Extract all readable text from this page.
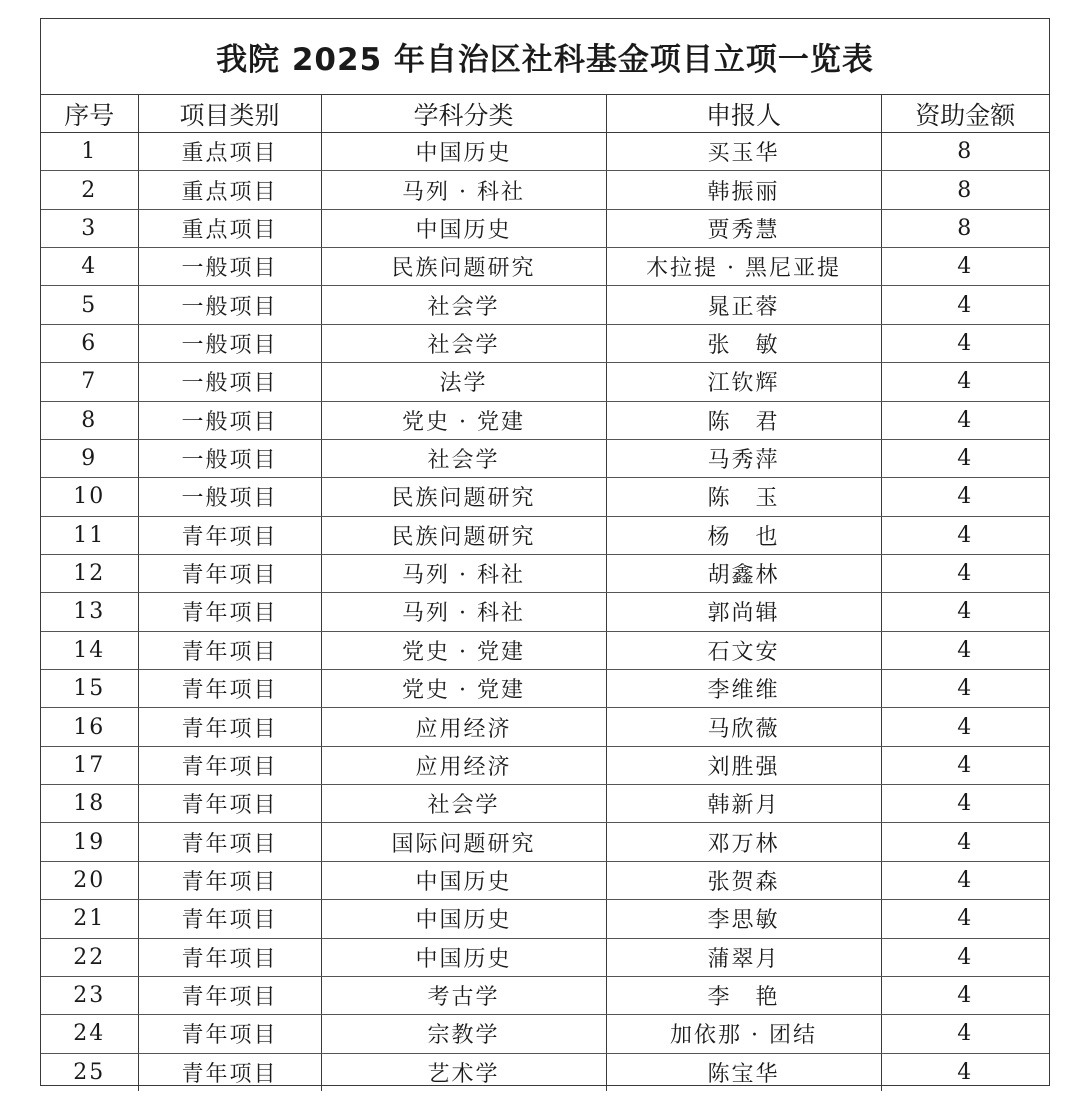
我院 2025 年自治区社科基金项目立项一览表
序号	项目类别	学科分类	申报人	资助金额
1	重点项目	中国历史	买玉华	8
2	重点项目	马列 · 科社	韩振丽	8
3	重点项目	中国历史	贾秀慧	8
4	一般项目	民族问题研究	木拉提 · 黑尼亚提	4
5	一般项目	社会学	晁正蓉	4
6	一般项目	社会学	张　敏	4
7	一般项目	法学	江钦辉	4
8	一般项目	党史 · 党建	陈　君	4
9	一般项目	社会学	马秀萍	4
10	一般项目	民族问题研究	陈　玉	4
11	青年项目	民族问题研究	杨　也	4
12	青年项目	马列 · 科社	胡鑫林	4
13	青年项目	马列 · 科社	郭尚辑	4
14	青年项目	党史 · 党建	石文安	4
15	青年项目	党史 · 党建	李维维	4
16	青年项目	应用经济	马欣薇	4
17	青年项目	应用经济	刘胜强	4
18	青年项目	社会学	韩新月	4
19	青年项目	国际问题研究	邓万林	4
20	青年项目	中国历史	张贺森	4
21	青年项目	中国历史	李思敏	4
22	青年项目	中国历史	蒲翠月	4
23	青年项目	考古学	李　艳	4
24	青年项目	宗教学	加依那 · 团结	4
25	青年项目	艺术学	陈宝华	4
